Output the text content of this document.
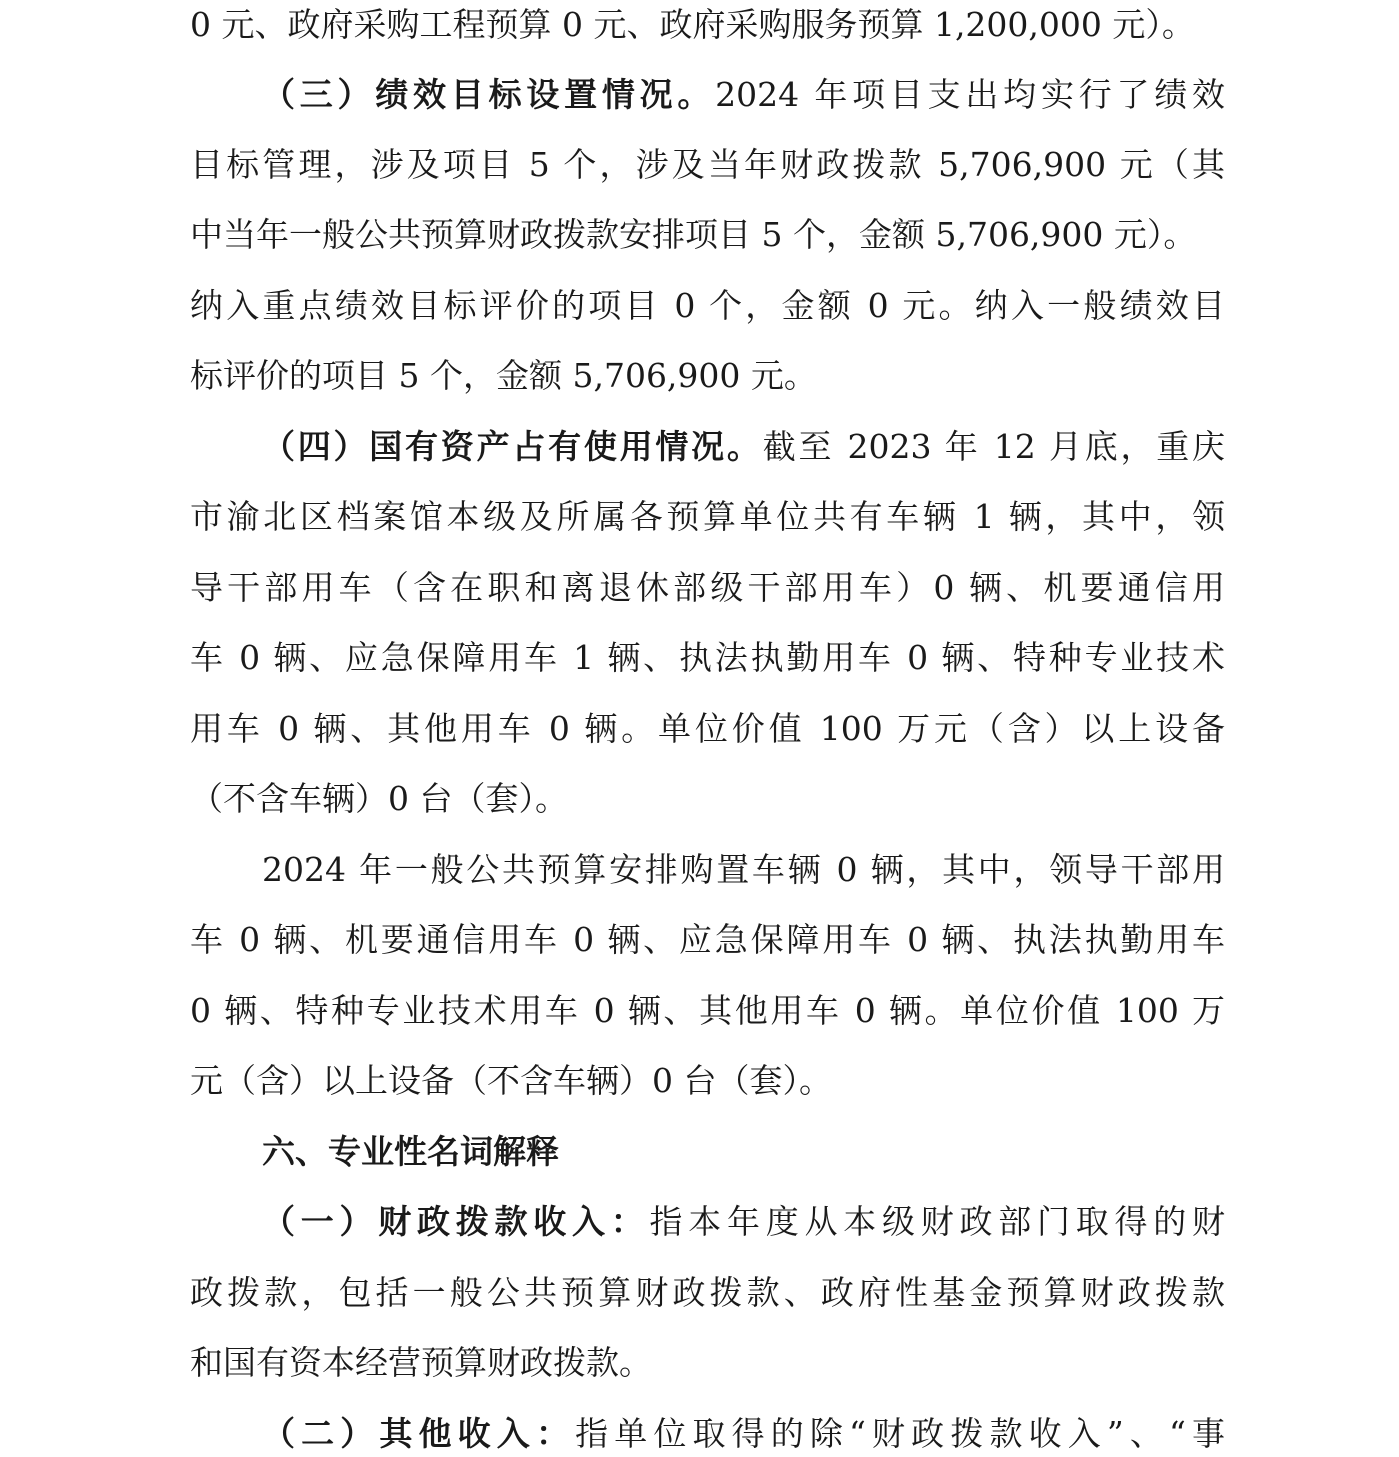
0 元、政府采购工程预算 0 元、政府采购服务预算 1,200,000 元）。
（三）绩效目标设置情况。2024 年项目支出均实行了绩效
目标管理，涉及项目 5 个，涉及当年财政拨款 5,706,900 元（其
中当年一般公共预算财政拨款安排项目 5 个，金额 5,706,900 元）。
纳入重点绩效目标评价的项目 0 个，金额 0 元。纳入一般绩效目
标评价的项目 5 个，金额 5,706,900 元。
（四）国有资产占有使用情况。截至 2023 年 12 月底，重庆
市渝北区档案馆本级及所属各预算单位共有车辆 1 辆，其中，领
导干部用车（含在职和离退休部级干部用车）0 辆、机要通信用
车 0 辆、应急保障用车 1 辆、执法执勤用车 0 辆、特种专业技术
用车 0 辆、其他用车 0 辆。单位价值 100 万元（含）以上设备
（不含车辆）0 台（套）。
2024 年一般公共预算安排购置车辆 0 辆，其中，领导干部用
车 0 辆、机要通信用车 0 辆、应急保障用车 0 辆、执法执勤用车
0 辆、特种专业技术用车 0 辆、其他用车 0 辆。单位价值 100 万
元（含）以上设备（不含车辆）0 台（套）。
六、专业性名词解释
（一）财政拨款收入：指本年度从本级财政部门取得的财
政拨款，包括一般公共预算财政拨款、政府性基金预算财政拨款
和国有资本经营预算财政拨款。
（二）其他收入：指单位取得的除“财政拨款收入”、“事
